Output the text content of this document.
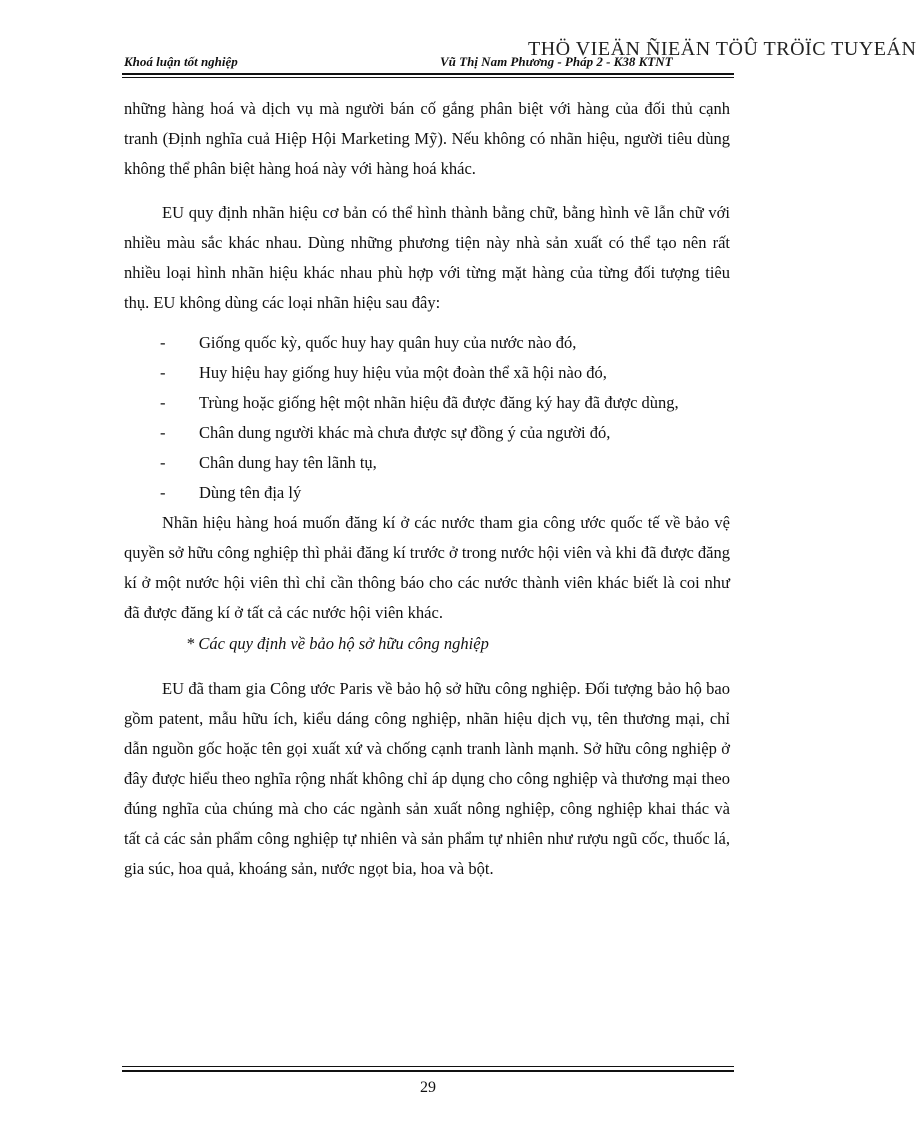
THÖ VIEÄN ÑIEÄN TÖÛ TRÖÏC TUYEÁN
Khoá luận tốt nghiệp	Vũ Thị Nam Phương - Pháp 2 - K38 KTNT

những hàng hoá và dịch vụ mà người bán cố gắng phân biệt với hàng của đối thủ cạnh tranh (Định nghĩa cuả Hiệp Hội Marketing Mỹ). Nếu không có nhãn hiệu, người tiêu dùng không thể phân biệt hàng hoá này với hàng hoá khác.

EU quy định nhãn hiệu cơ bản có thể hình thành bằng chữ, bằng hình vẽ lẫn chữ với nhiều màu sắc khác nhau. Dùng những phương tiện này nhà sản xuất có thể tạo nên rất nhiều loại hình nhãn hiệu khác nhau phù hợp với từng mặt hàng của từng đối tượng tiêu thụ. EU không dùng các loại nhãn hiệu sau đây:

- Giống quốc kỳ, quốc huy hay quân huy của nước nào đó,
- Huy hiệu hay giống huy hiệu vủa một đoàn thể xã hội nào đó,
- Trùng hoặc giống hệt một nhãn hiệu đã được đăng ký hay đã được dùng,
- Chân dung người khác mà chưa được sự đồng ý của người đó,
- Chân dung hay tên lãnh tụ,
- Dùng tên địa lý

Nhãn hiệu hàng hoá muốn đăng kí ở các nước tham gia công ước quốc tế về bảo vệ quyền sở hữu công nghiệp thì phải đăng kí trước ở trong nước hội viên và khi đã được đăng kí ở một nước hội viên thì chỉ cần thông báo cho các nước thành viên khác biết là coi như đã được đăng kí ở tất cả các nước hội viên khác.

* Các quy định về bảo hộ sở hữu công nghiệp

EU đã tham gia Công ước Paris về bảo hộ sở hữu công nghiệp. Đối tượng bảo hộ bao gồm patent, mẫu hữu ích, kiểu dáng công nghiệp, nhãn hiệu dịch vụ, tên thương mại, chỉ dẫn nguồn gốc hoặc tên gọi xuất xứ và chống cạnh tranh lành mạnh. Sở hữu công nghiệp ở đây được hiểu theo nghĩa rộng nhất không chỉ áp dụng cho công nghiệp và thương mại theo đúng nghĩa của chúng mà cho các ngành sản xuất nông nghiệp, công nghiệp khai thác và tất cả các sản phẩm công nghiệp tự nhiên và sản phẩm tự nhiên như rượu ngũ cốc, thuốc lá, gia súc, hoa quả, khoáng sản, nước ngọt bia, hoa và bột.

29
